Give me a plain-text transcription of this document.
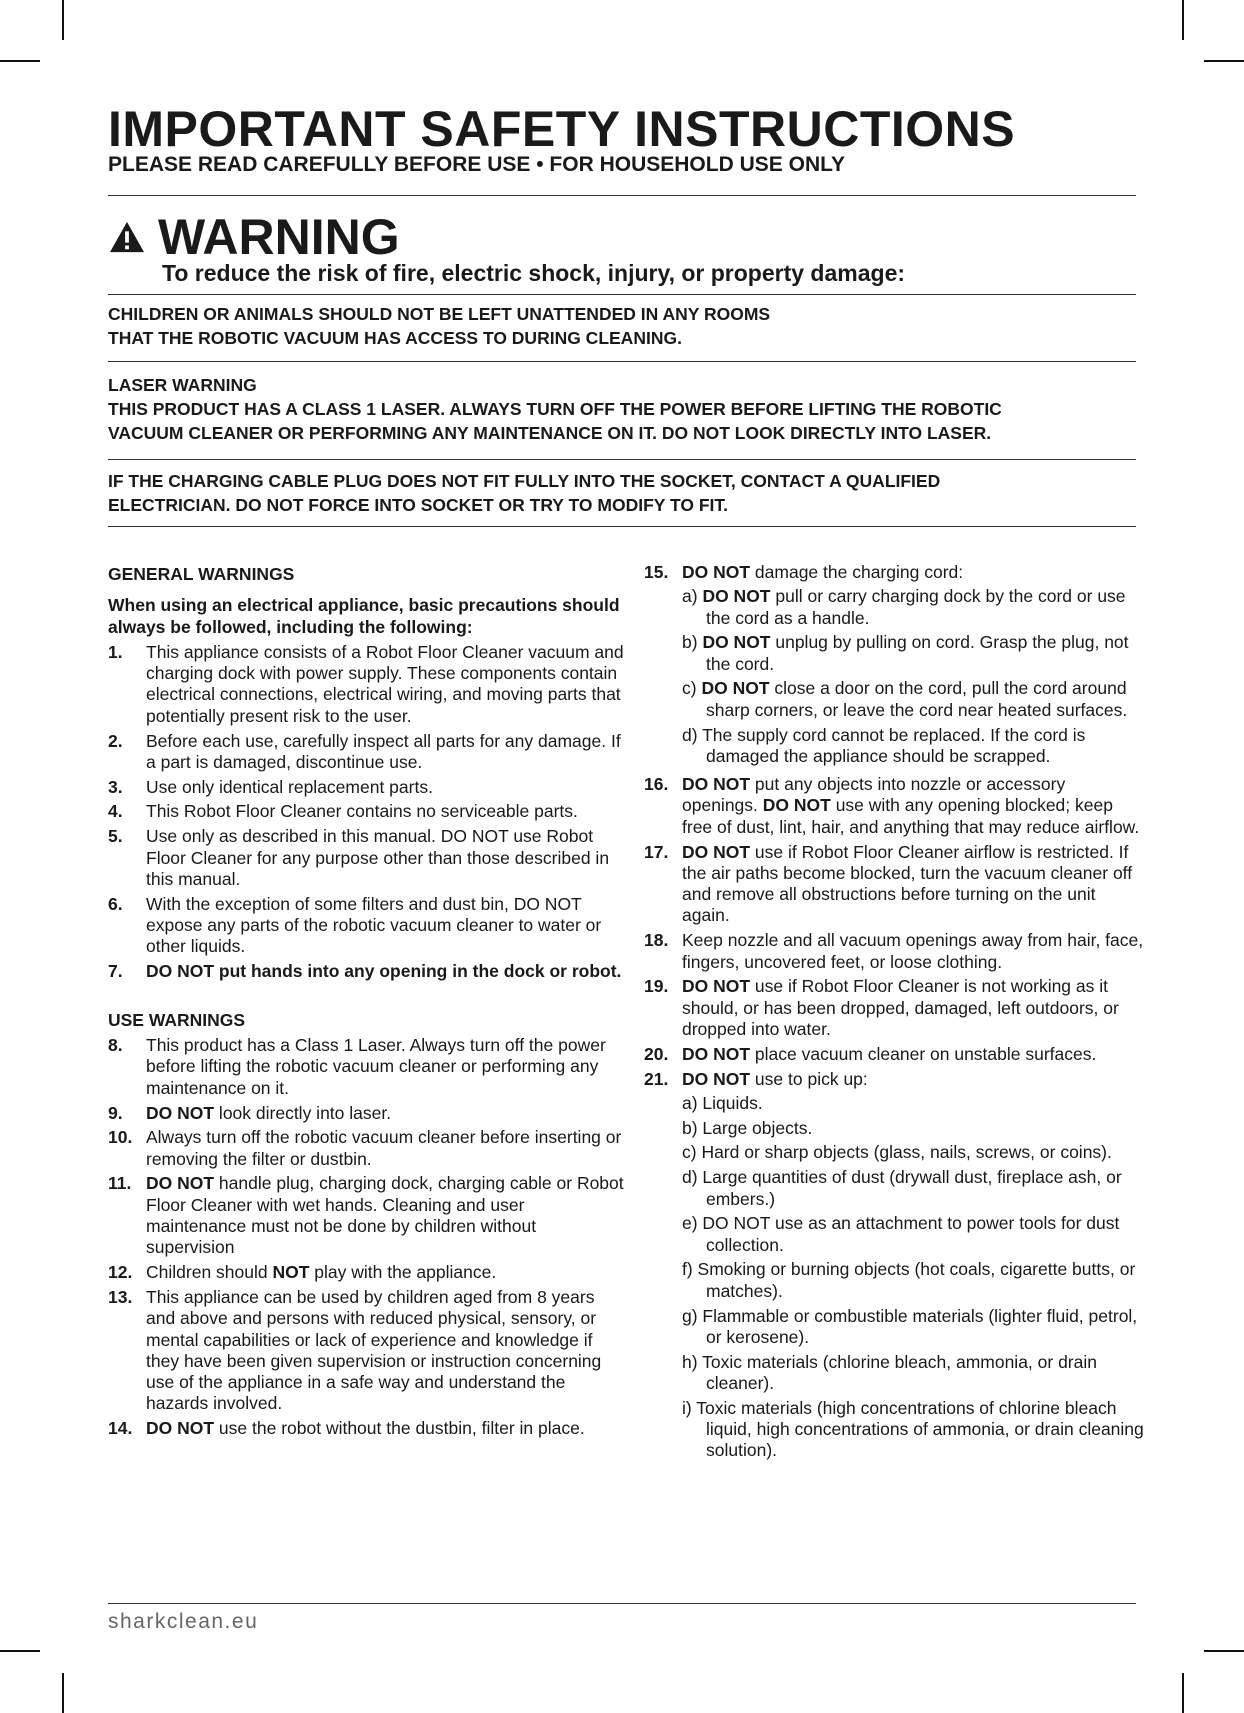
IMPORTANT SAFETY INSTRUCTIONS
PLEASE READ CAREFULLY BEFORE USE • FOR HOUSEHOLD USE ONLY
WARNING
To reduce the risk of fire, electric shock, injury, or property damage:
CHILDREN OR ANIMALS SHOULD NOT BE LEFT UNATTENDED IN ANY ROOMS
THAT THE ROBOTIC VACUUM HAS ACCESS TO DURING CLEANING.
LASER WARNING
THIS PRODUCT HAS A CLASS 1 LASER. ALWAYS TURN OFF THE POWER BEFORE LIFTING THE ROBOTIC
VACUUM CLEANER OR PERFORMING ANY MAINTENANCE ON IT. DO NOT LOOK DIRECTLY INTO LASER.
IF THE CHARGING CABLE PLUG DOES NOT FIT FULLY INTO THE SOCKET, CONTACT A QUALIFIED
ELECTRICIAN. DO NOT FORCE INTO SOCKET OR TRY TO MODIFY TO FIT.
GENERAL WARNINGS
When using an electrical appliance, basic precautions should always be followed, including the following:
1.	This appliance consists of a Robot Floor Cleaner vacuum and charging dock with power supply. These components contain electrical connections, electrical wiring, and moving parts that potentially present risk to the user.
2.	Before each use, carefully inspect all parts for any damage. If a part is damaged, discontinue use.
3.	Use only identical replacement parts.
4.	This Robot Floor Cleaner contains no serviceable parts.
5.	Use only as described in this manual. DO NOT use Robot Floor Cleaner for any purpose other than those described in this manual.
6.	With the exception of some filters and dust bin, DO NOT expose any parts of the robotic vacuum cleaner to water or other liquids.
7.	DO NOT put hands into any opening in the dock or robot.
USE WARNINGS
8.	This product has a Class 1 Laser. Always turn off the power before lifting the robotic vacuum cleaner or performing any maintenance on it.
9.	DO NOT look directly into laser.
10. Always turn off the robotic vacuum cleaner before inserting or removing the filter or dustbin.
11. DO NOT handle plug, charging dock, charging cable or Robot Floor Cleaner with wet hands. Cleaning and user maintenance must not be done by children without supervision
12. Children should NOT play with the appliance.
13. This appliance can be used by children aged from 8 years and above and persons with reduced physical, sensory, or mental capabilities or lack of experience and knowledge if they have been given supervision or instruction concerning use of the appliance in a safe way and understand the hazards involved.
14. DO NOT use the robot without the dustbin, filter in place.
15. DO NOT damage the charging cord:
a) DO NOT pull or carry charging dock by the cord or use the cord as a handle.
b) DO NOT unplug by pulling on cord. Grasp the plug, not the cord.
c) DO NOT close a door on the cord, pull the cord around sharp corners, or leave the cord near heated surfaces.
d) The supply cord cannot be replaced. If the cord is damaged the appliance should be scrapped.
16. DO NOT put any objects into nozzle or accessory openings. DO NOT use with any opening blocked; keep free of dust, lint, hair, and anything that may reduce airflow.
17. DO NOT use if Robot Floor Cleaner airflow is restricted. If the air paths become blocked, turn the vacuum cleaner off and remove all obstructions before turning on the unit again.
18. Keep nozzle and all vacuum openings away from hair, face, fingers, uncovered feet, or loose clothing.
19. DO NOT use if Robot Floor Cleaner is not working as it should, or has been dropped, damaged, left outdoors, or dropped into water.
20. DO NOT place vacuum cleaner on unstable surfaces.
21. DO NOT use to pick up:
a) Liquids.
b) Large objects.
c) Hard or sharp objects (glass, nails, screws, or coins).
d) Large quantities of dust (drywall dust, fireplace ash, or embers.)
e) DO NOT use as an attachment to power tools for dust collection.
f) Smoking or burning objects (hot coals, cigarette butts, or matches).
g) Flammable or combustible materials (lighter fluid, petrol, or kerosene).
h) Toxic materials (chlorine bleach, ammonia, or drain cleaner).
i) Toxic materials (high concentrations of chlorine bleach liquid, high concentrations of ammonia, or drain cleaning solution).
sharkclean.eu
